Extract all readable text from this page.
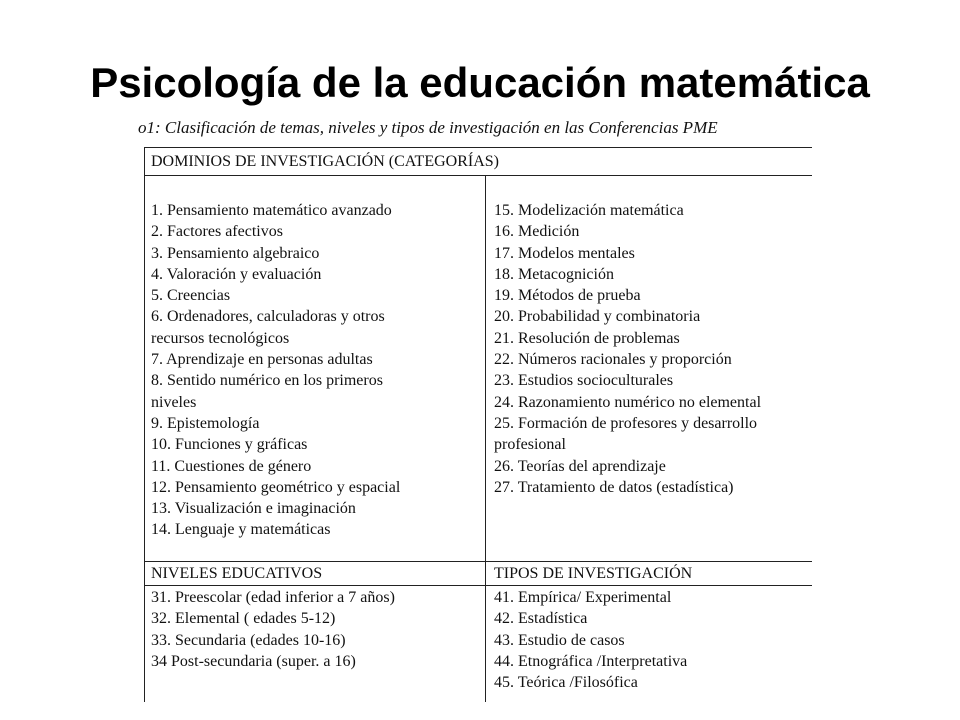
Psicología de la educación matemática
o1: Clasificación de temas, niveles y tipos de investigación en las Conferencias PME
DOMINIOS DE INVESTIGACIÓN (CATEGORÍAS)
1. Pensamiento matemático avanzado
2. Factores afectivos
3. Pensamiento algebraico
4. Valoración y evaluación
5. Creencias
6. Ordenadores, calculadoras y otros
recursos tecnológicos
7. Aprendizaje en personas adultas
8. Sentido numérico en los primeros
niveles
9. Epistemología
10. Funciones y gráficas
11. Cuestiones de género
12. Pensamiento geométrico y espacial
13. Visualización e imaginación
14. Lenguaje y matemáticas
15. Modelización matemática
16. Medición
17. Modelos mentales
18. Metacognición
19. Métodos de prueba
20. Probabilidad y combinatoria
21. Resolución de problemas
22. Números racionales y proporción
23. Estudios socioculturales
24. Razonamiento numérico no elemental
25. Formación de profesores y desarrollo
profesional
26. Teorías del aprendizaje
27. Tratamiento de datos (estadística)
NIVELES EDUCATIVOS	TIPOS DE INVESTIGACIÓN
31. Preescolar (edad inferior a 7 años)
32. Elemental ( edades 5-12)
33. Secundaria (edades 10-16)
34 Post-secundaria (super. a 16)
41. Empírica/ Experimental
42. Estadística
43. Estudio de casos
44. Etnográfica /Interpretativa
45. Teórica /Filosófica
